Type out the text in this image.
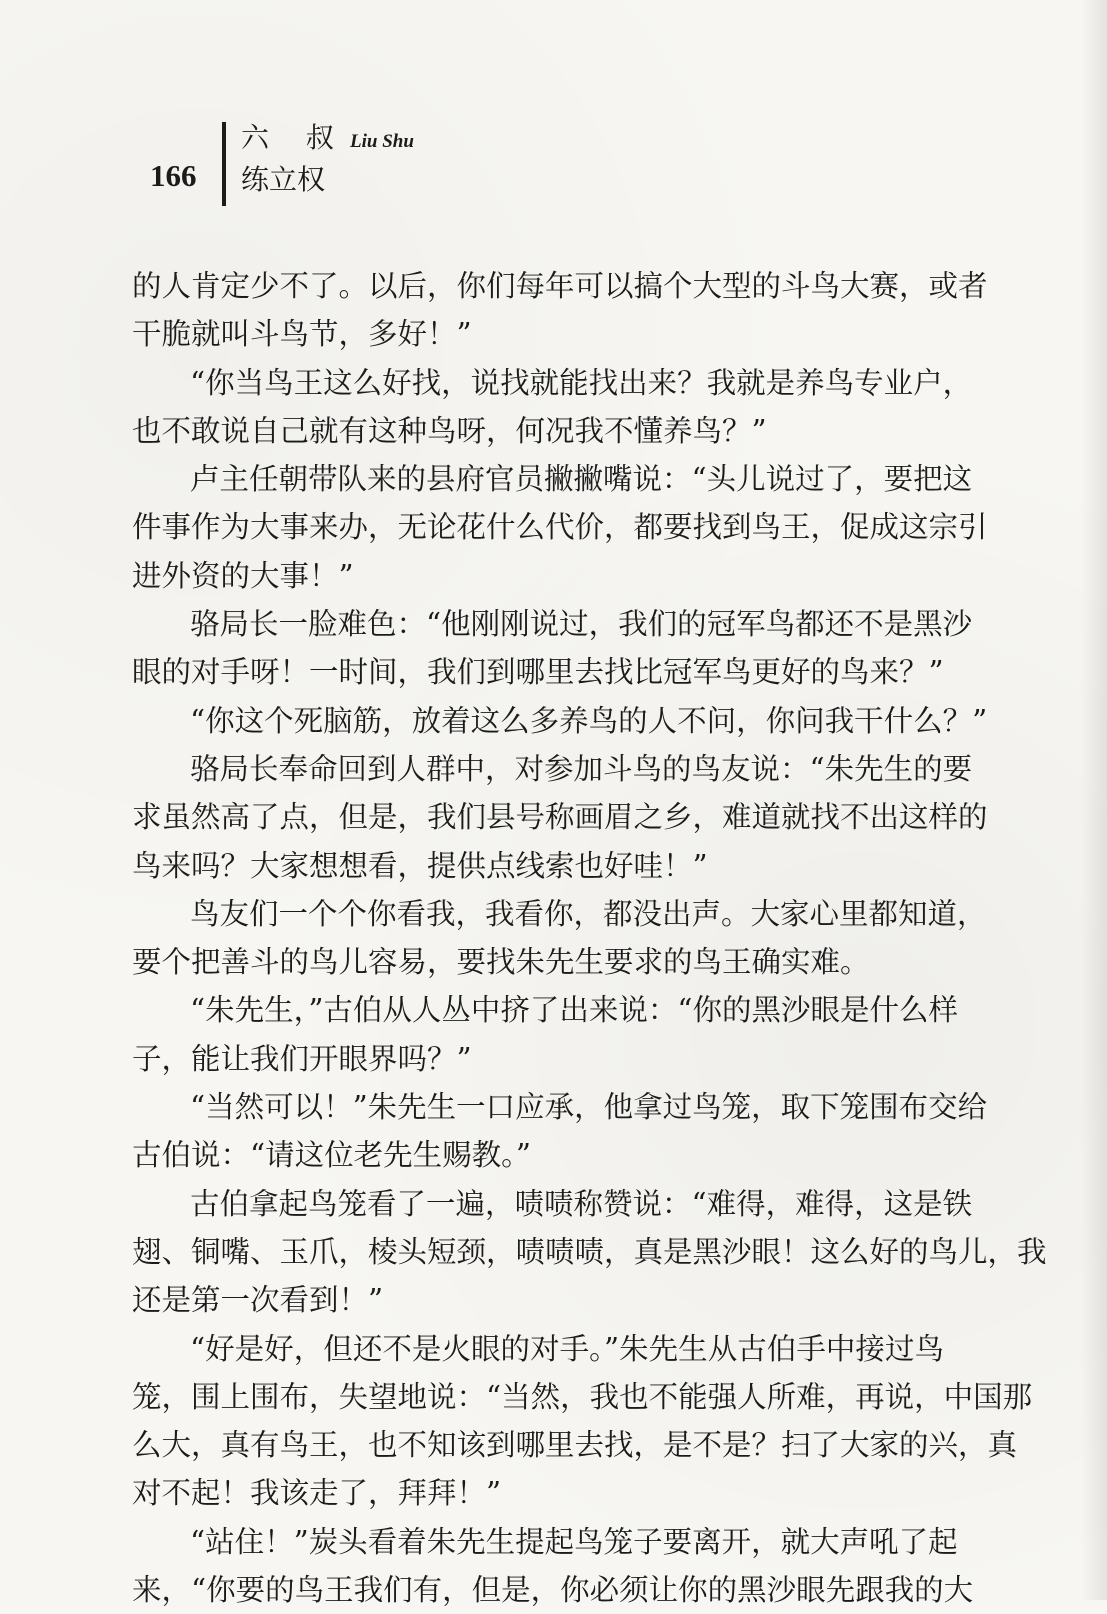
166
六 叔 Liu Shu
练立权
的人肯定少不了。以后，你们每年可以搞个大型的斗鸟大赛，或者
干脆就叫斗鸟节，多好！”
“你当鸟王这么好找，说找就能找出来？我就是养鸟专业户，
也不敢说自己就有这种鸟呀，何况我不懂养鸟？”
卢主任朝带队来的县府官员撇撇嘴说：“头儿说过了，要把这
件事作为大事来办，无论花什么代价，都要找到鸟王，促成这宗引
进外资的大事！”
骆局长一脸难色：“他刚刚说过，我们的冠军鸟都还不是黑沙
眼的对手呀！一时间，我们到哪里去找比冠军鸟更好的鸟来？”
“你这个死脑筋，放着这么多养鸟的人不问，你问我干什么？”
骆局长奉命回到人群中，对参加斗鸟的鸟友说：“朱先生的要
求虽然高了点，但是，我们县号称画眉之乡，难道就找不出这样的
鸟来吗？大家想想看，提供点线索也好哇！”
鸟友们一个个你看我，我看你，都没出声。大家心里都知道，
要个把善斗的鸟儿容易，要找朱先生要求的鸟王确实难。
“朱先生，”古伯从人丛中挤了出来说：“你的黑沙眼是什么样
子，能让我们开眼界吗？”
“当然可以！”朱先生一口应承，他拿过鸟笼，取下笼围布交给
古伯说：“请这位老先生赐教。”
古伯拿起鸟笼看了一遍，啧啧称赞说：“难得，难得，这是铁
翅、铜嘴、玉爪，棱头短颈，啧啧啧，真是黑沙眼！这么好的鸟儿，我
还是第一次看到！”
“好是好，但还不是火眼的对手。”朱先生从古伯手中接过鸟
笼，围上围布，失望地说：“当然，我也不能强人所难，再说，中国那
么大，真有鸟王，也不知该到哪里去找，是不是？扫了大家的兴，真
对不起！我该走了，拜拜！”
“站住！”炭头看着朱先生提起鸟笼子要离开，就大声吼了起
来，“你要的鸟王我们有，但是，你必须让你的黑沙眼先跟我的大
